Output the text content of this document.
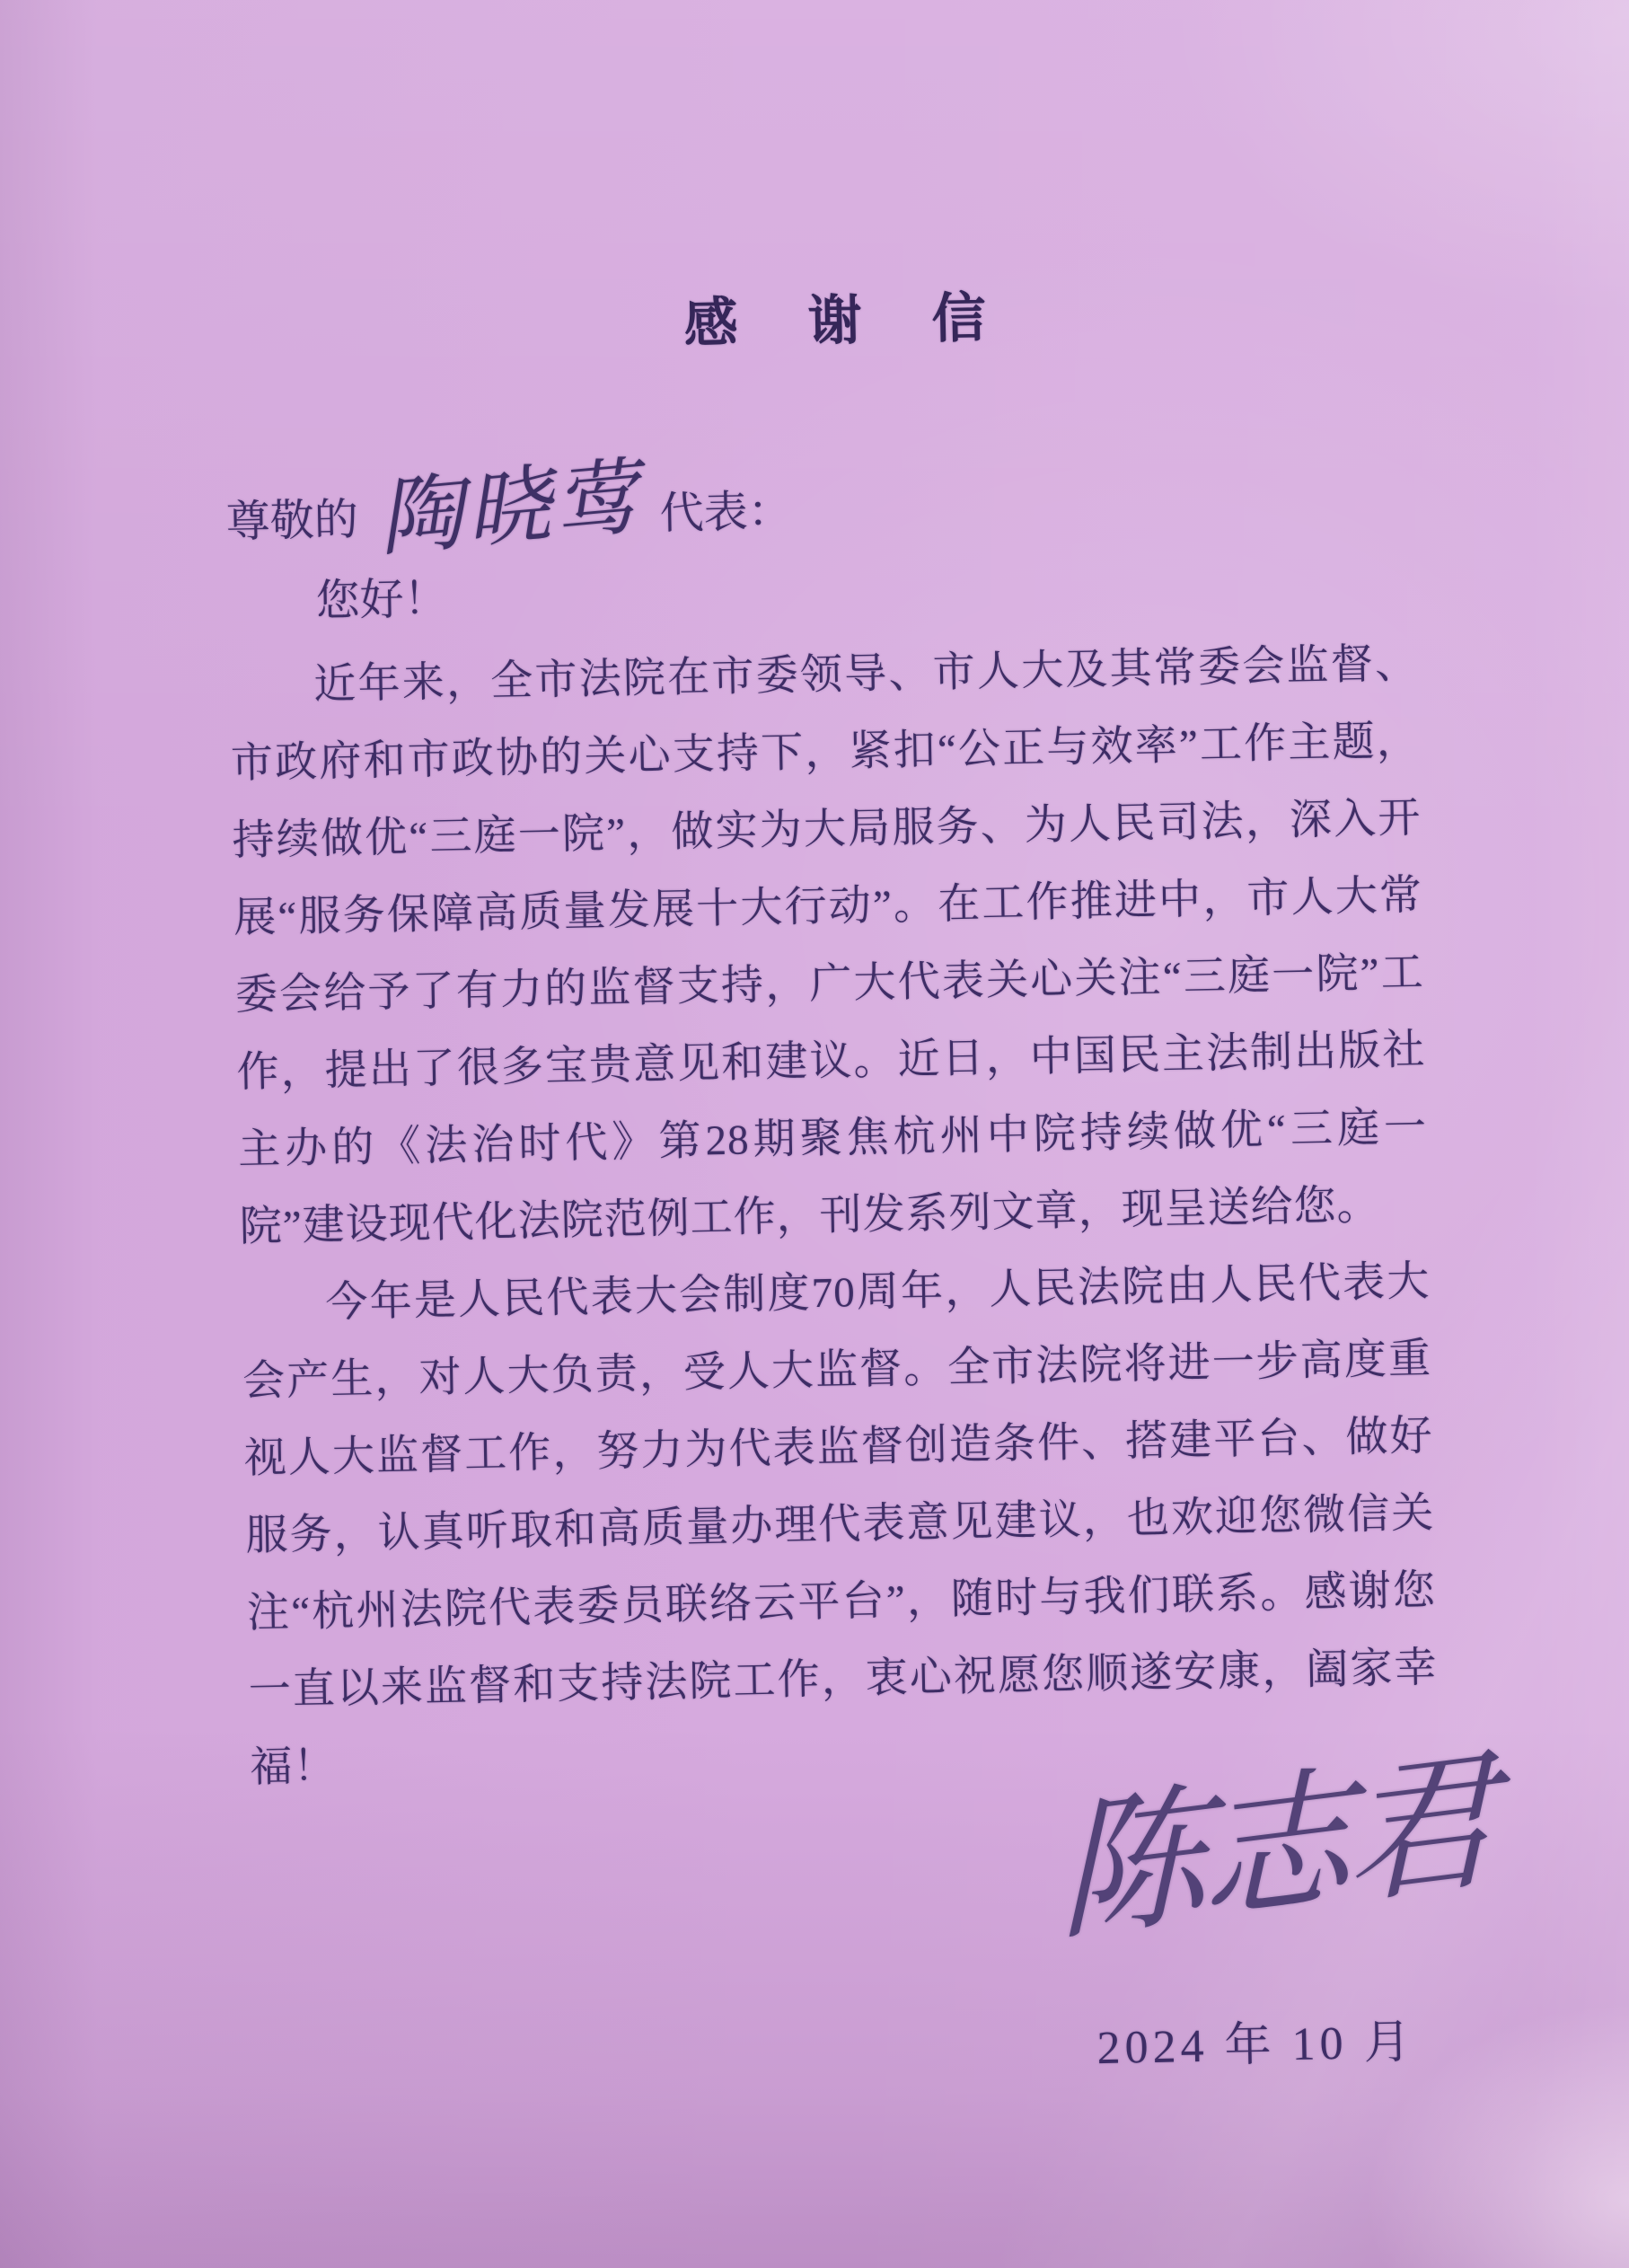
感谢信
尊敬的 陶晓莺 代表：
您好！

近年来，全市法院在市委领导、市人大及其常委会监督、市政府和市政协的关心支持下，紧扣“公正与效率”工作主题，持续做优“三庭一院”，做实为大局服务、为人民司法，深入开展“服务保障高质量发展十大行动”。在工作推进中，市人大常委会给予了有力的监督支持，广大代表关心关注“三庭一院”工作，提出了很多宝贵意见和建议。近日，中国民主法制出版社主办的《法治时代》第28期聚焦杭州中院持续做优“三庭一院”建设现代化法院范例工作，刊发系列文章，现呈送给您。

今年是人民代表大会制度70周年，人民法院由人民代表大会产生，对人大负责，受人大监督。全市法院将进一步高度重视人大监督工作，努力为代表监督创造条件、搭建平台、做好服务，认真听取和高质量办理代表意见建议，也欢迎您微信关注“杭州法院代表委员联络云平台”，随时与我们联系。感谢您一直以来监督和支持法院工作，衷心祝愿您顺遂安康，阖家幸福！	陈志君
2024 年 10 月
